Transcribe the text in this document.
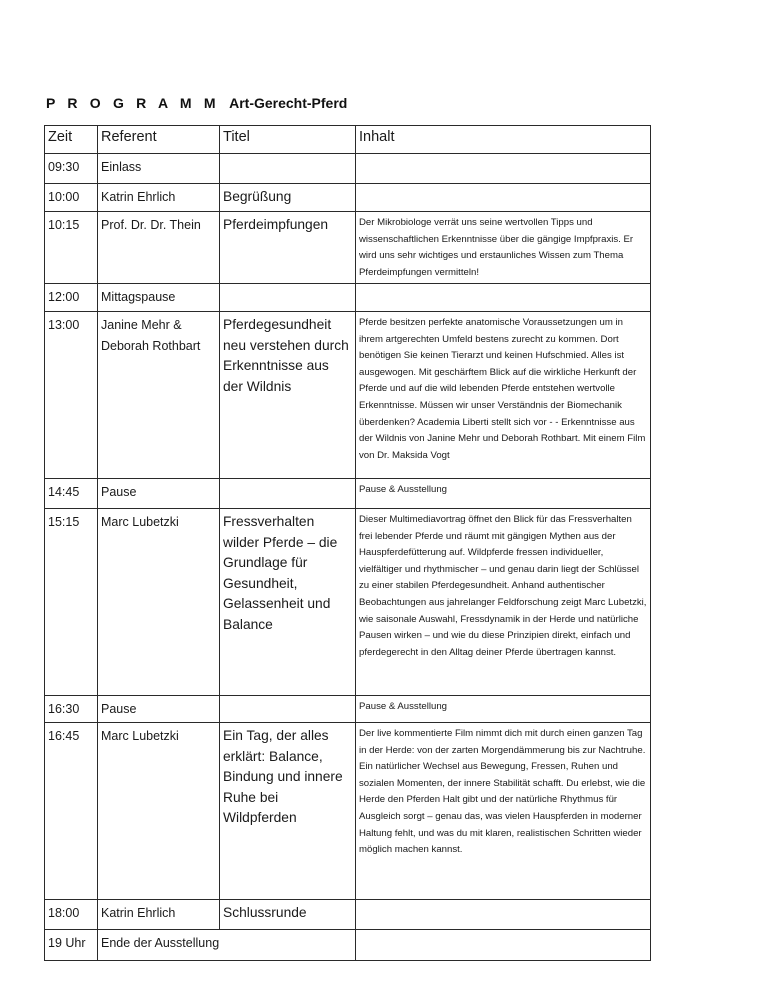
P R O G R A M M Art-Gerecht-Pferd
Zeit	Referent	Titel	Inhalt
09:30	Einlass		
10:00	Katrin Ehrlich	Begrüßung	
10:15	Prof. Dr. Dr. Thein	Pferdeimpfungen	Der Mikrobiologe verrät uns seine wertvollen Tipps und wissenschaftlichen Erkenntnisse über die gängige Impfpraxis. Er wird uns sehr wichtiges und erstaunliches Wissen zum Thema Pferdeimpfungen vermitteln!
12:00	Mittagspause		
13:00	Janine Mehr & Deborah Rothbart	Pferdegesundheit neu verstehen durch Erkenntnisse aus der Wildnis	Pferde besitzen perfekte anatomische Voraussetzungen um in ihrem artgerechten Umfeld bestens zurecht zu kommen. Dort benötigen Sie keinen Tierarzt und keinen Hufschmied. Alles ist ausgewogen. Mit geschärftem Blick auf die wirkliche Herkunft der Pferde und auf die wild lebenden Pferde entstehen wertvolle Erkenntnisse. Müssen wir unser Verständnis der Biomechanik überdenken? Academia Liberti stellt sich vor - - Erkenntnisse aus der Wildnis von Janine Mehr und Deborah Rothbart. Mit einem Film von Dr. Maksida Vogt
14:45	Pause		Pause & Ausstellung
15:15	Marc Lubetzki	Fressverhalten wilder Pferde – die Grundlage für Gesundheit, Gelassenheit und Balance	Dieser Multimediavortrag öffnet den Blick für das Fressverhalten frei lebender Pferde und räumt mit gängigen Mythen aus der Hauspferdefütterung auf. Wildpferde fressen individueller, vielfältiger und rhythmischer – und genau darin liegt der Schlüssel zu einer stabilen Pferdegesundheit. Anhand authentischer Beobachtungen aus jahrelanger Feldforschung zeigt Marc Lubetzki, wie saisonale Auswahl, Fressdynamik in der Herde und natürliche Pausen wirken – und wie du diese Prinzipien direkt, einfach und pferdegerecht in den Alltag deiner Pferde übertragen kannst.
16:30	Pause		Pause & Ausstellung
16:45	Marc Lubetzki	Ein Tag, der alles erklärt: Balance, Bindung und innere Ruhe bei Wildpferden	Der live kommentierte Film nimmt dich mit durch einen ganzen Tag in der Herde: von der zarten Morgendämmerung bis zur Nachtruhe. Ein natürlicher Wechsel aus Bewegung, Fressen, Ruhen und sozialen Momenten, der innere Stabilität schafft. Du erlebst, wie die Herde den Pferden Halt gibt und der natürliche Rhythmus für Ausgleich sorgt – genau das, was vielen Hauspferden in moderner Haltung fehlt, und was du mit klaren, realistischen Schritten wieder möglich machen kannst.
18:00	Katrin Ehrlich	Schlussrunde	
19 Uhr	Ende der Ausstellung		
